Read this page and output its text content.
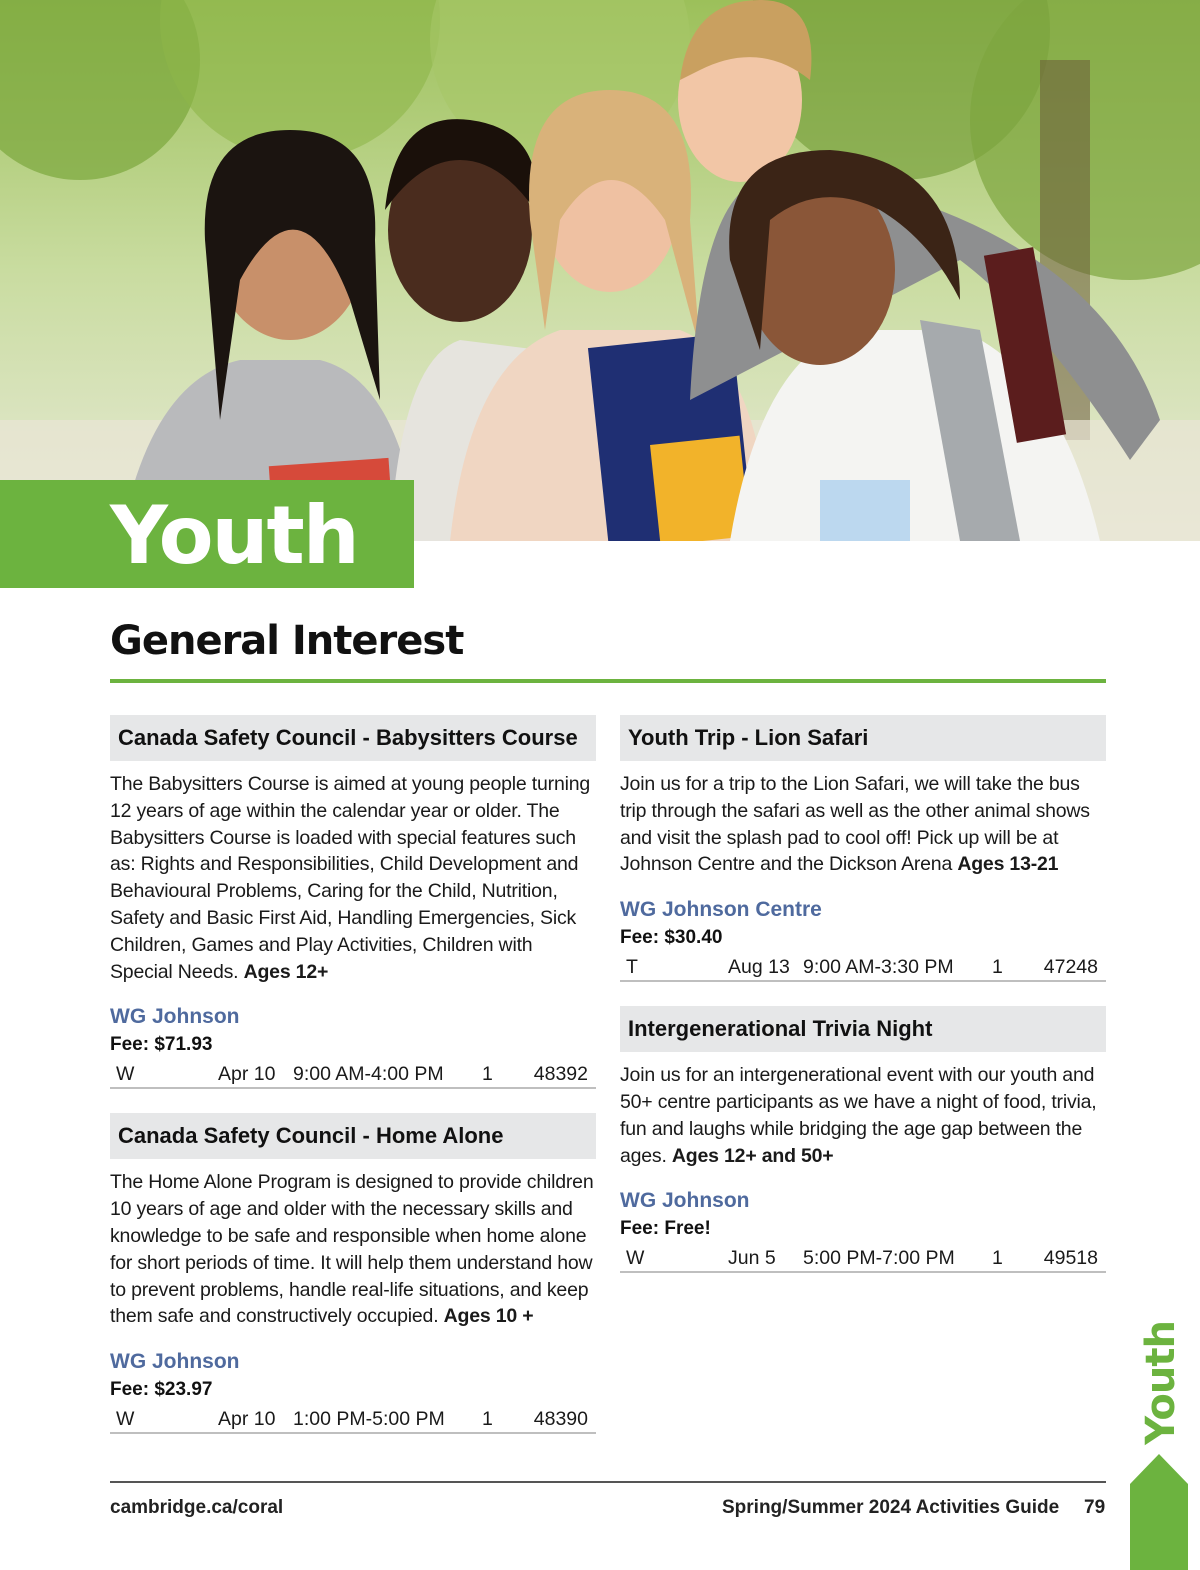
Youth
General Interest
Canada Safety Council - Babysitters Course
The Babysitters Course is aimed at young people turning 12 years of age within the calendar year or older. The Babysitters Course is loaded with special features such as: Rights and Responsibilities, Child Development and Behavioural Problems, Caring for the Child, Nutrition, Safety and Basic First Aid, Handling Emergencies, Sick Children, Games and Play Activities, Children with Special Needs. Ages 12+
WG Johnson
Fee: $71.93
W	Apr 10 9:00 AM-4:00 PM 1 48392
Canada Safety Council - Home Alone
The Home Alone Program is designed to provide children 10 years of age and older with the necessary skills and knowledge to be safe and responsible when home alone for short periods of time. It will help them understand how to prevent problems, handle real-life situations, and keep them safe and constructively occupied. Ages 10 +
WG Johnson
Fee: $23.97
W	Apr 10 1:00 PM-5:00 PM 1 48390
Youth Trip - Lion Safari
Join us for a trip to the Lion Safari, we will take the bus trip through the safari as well as the other animal shows and visit the splash pad to cool off! Pick up will be at Johnson Centre and the Dickson Arena Ages 13-21
WG Johnson Centre
Fee: $30.40
T	Aug 13 9:00 AM-3:30 PM 1 47248
Intergenerational Trivia Night
Join us for an intergenerational event with our youth and 50+ centre participants as we have a night of food, trivia, fun and laughs while bridging the age gap between the ages. Ages 12+ and 50+
WG Johnson
Fee: Free!
W	Jun 5 5:00 PM-7:00 PM 1 49518
Youth
cambridge.ca/coral	Spring/Summer 2024 Activities Guide 79
